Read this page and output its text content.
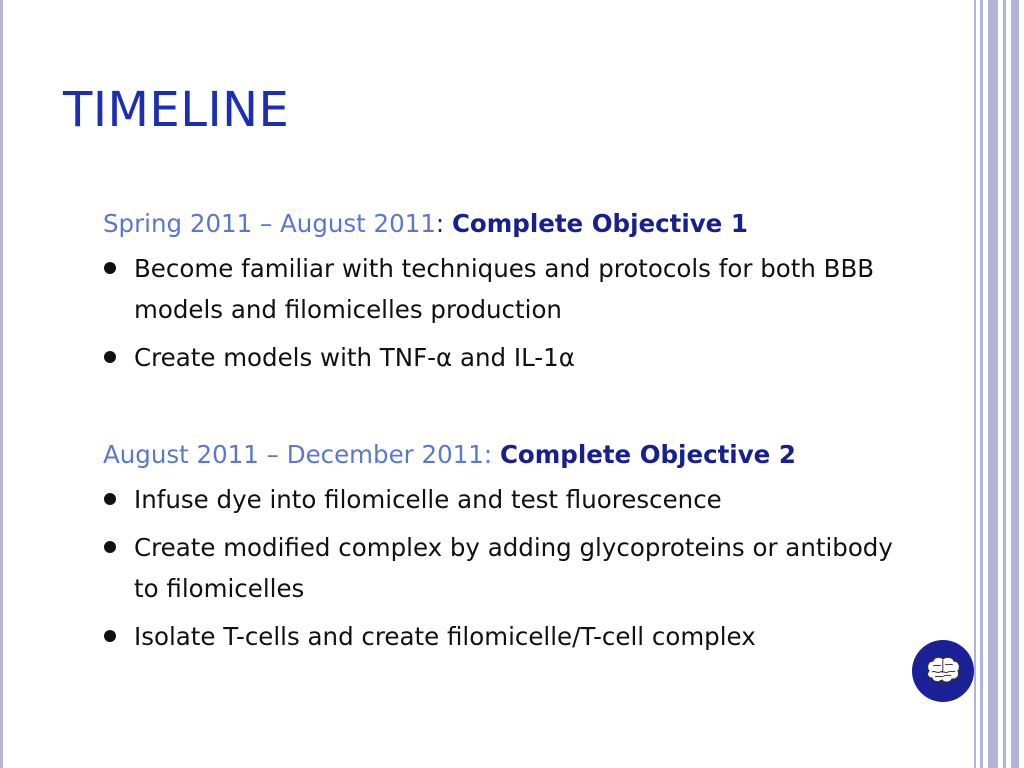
TIMELINE
Spring 2011 – August 2011: Complete Objective 1
Become familiar with techniques and protocols for both BBB models and filomicelles production
Create models with TNF-α and IL-1α
August 2011 – December 2011: Complete Objective 2
Infuse dye into filomicelle and test fluorescence
Create modified complex by adding glycoproteins or antibody to filomicelles
Isolate T-cells and create filomicelle/T-cell complex
